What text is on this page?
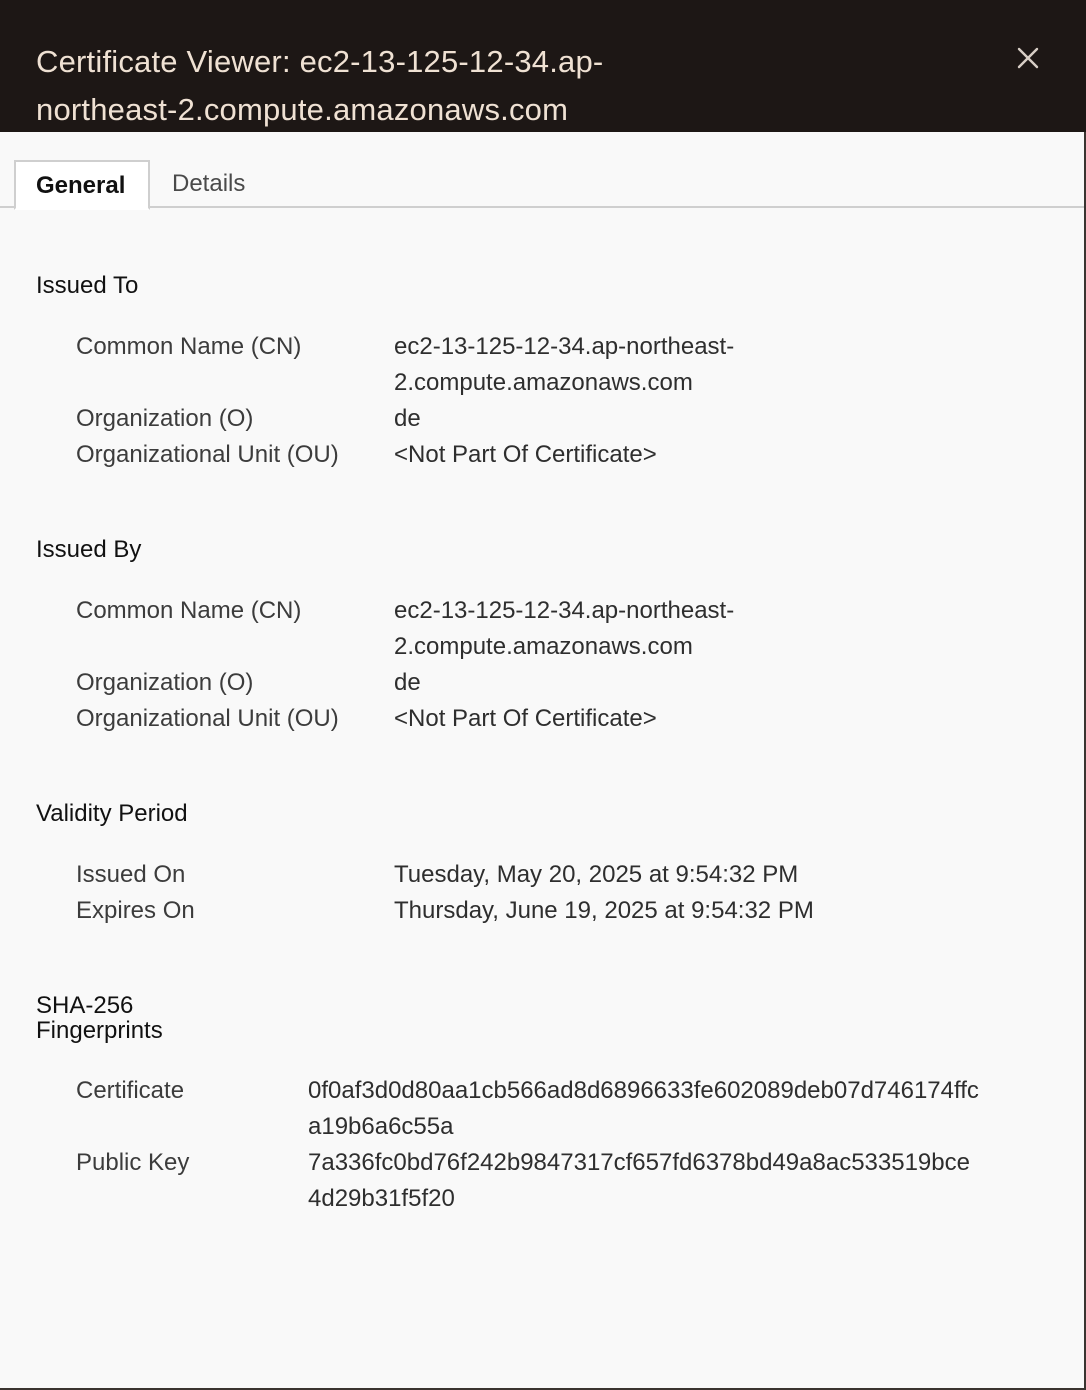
Certificate Viewer: ec2-13-125-12-34.ap-
northeast-2.compute.amazonaws.com
General	Details
Issued To
Common Name (CN)	ec2-13-125-12-34.ap-northeast-
2.compute.amazonaws.com
Organization (O)	de
Organizational Unit (OU) <Not Part Of Certificate>
Issued By
Common Name (CN)	ec2-13-125-12-34.ap-northeast-
2.compute.amazonaws.com
Organization (O)	de
Organizational Unit (OU) <Not Part Of Certificate>
Validity Period
Issued On	Tuesday, May 20, 2025 at 9:54:32 PM
Expires On	Thursday, June 19, 2025 at 9:54:32 PM
SHA-256
Fingerprints
Certificate	0f0af3d0d80aa1cb566ad8d6896633fe602089deb07d746174ffc
a19b6a6c55a
Public Key	7a336fc0bd76f242b9847317cf657fd6378bd49a8ac533519bce
4d29b31f5f20
